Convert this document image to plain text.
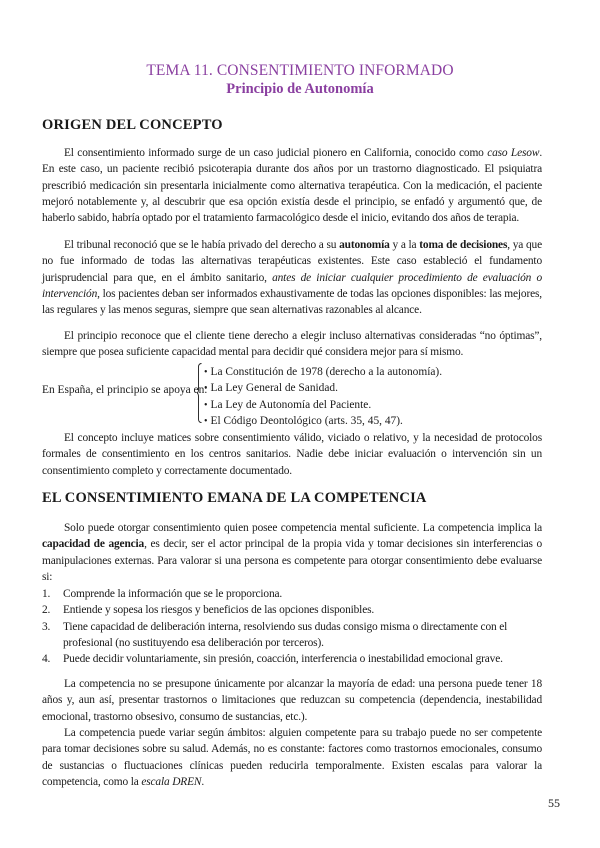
TEMA 11. CONSENTIMIENTO INFORMADO
Principio de Autonomía
ORIGEN DEL CONCEPTO

El consentimiento informado surge de un caso judicial pionero en California, conocido como caso Lesow. En este caso, un paciente recibió psicoterapia durante dos años por un trastorno diagnosticado. El psiquiatra prescribió medicación sin presentarla inicialmente como alternativa terapéutica. Con la medicación, el paciente mejoró notablemente y, al descubrir que esa opción existía desde el principio, se enfadó y argumentó que, de haberlo sabido, habría optado por el tratamiento farmacológico desde el inicio, evitando dos años de terapia.

El tribunal reconoció que se le había privado del derecho a su autonomía y a la toma de decisiones, ya que no fue informado de todas las alternativas terapéuticas existentes. Este caso estableció el fundamento jurisprudencial para que, en el ámbito sanitario, antes de iniciar cualquier procedimiento de evaluación o intervención, los pacientes deban ser informados exhaustivamente de todas las opciones disponibles: las mejores, las regulares y las menos seguras, siempre que sean alternativas razonables al alcance.

El principio reconoce que el cliente tiene derecho a elegir incluso alternativas consideradas “no óptimas”, siempre que posea suficiente capacidad mental para decidir qué considera mejor para sí mismo.

En España, el principio se apoya en:
• La Constitución de 1978 (derecho a la autonomía).
• La Ley General de Sanidad.
• La Ley de Autonomía del Paciente.
• El Código Deontológico (arts. 35, 45, 47).

El concepto incluye matices sobre consentimiento válido, viciado o relativo, y la necesidad de protocolos formales de consentimiento en los centros sanitarios. Nadie debe iniciar evaluación o intervención sin un consentimiento completo y correctamente documentado.

EL CONSENTIMIENTO EMANA DE LA COMPETENCIA

Solo puede otorgar consentimiento quien posee competencia mental suficiente. La competencia implica la capacidad de agencia, es decir, ser el actor principal de la propia vida y tomar decisiones sin interferencias o manipulaciones externas. Para valorar si una persona es competente para otorgar consentimiento debe evaluarse si:

1. Comprende la información que se le proporciona.
2. Entiende y sopesa los riesgos y beneficios de las opciones disponibles.
3. Tiene capacidad de deliberación interna, resolviendo sus dudas consigo misma o directamente con el profesional (no sustituyendo esa deliberación por terceros).
4. Puede decidir voluntariamente, sin presión, coacción, interferencia o inestabilidad emocional grave.

La competencia no se presupone únicamente por alcanzar la mayoría de edad: una persona puede tener 18 años y, aun así, presentar trastornos o limitaciones que reduzcan su competencia (dependencia, inestabilidad emocional, trastorno obsesivo, consumo de sustancias, etc.).

La competencia puede variar según ámbitos: alguien competente para su trabajo puede no ser competente para tomar decisiones sobre su salud. Además, no es constante: factores como trastornos emocionales, consumo de sustancias o fluctuaciones clínicas pueden reducirla temporalmente. Existen escalas para valorar la competencia, como la escala DREN.

55
